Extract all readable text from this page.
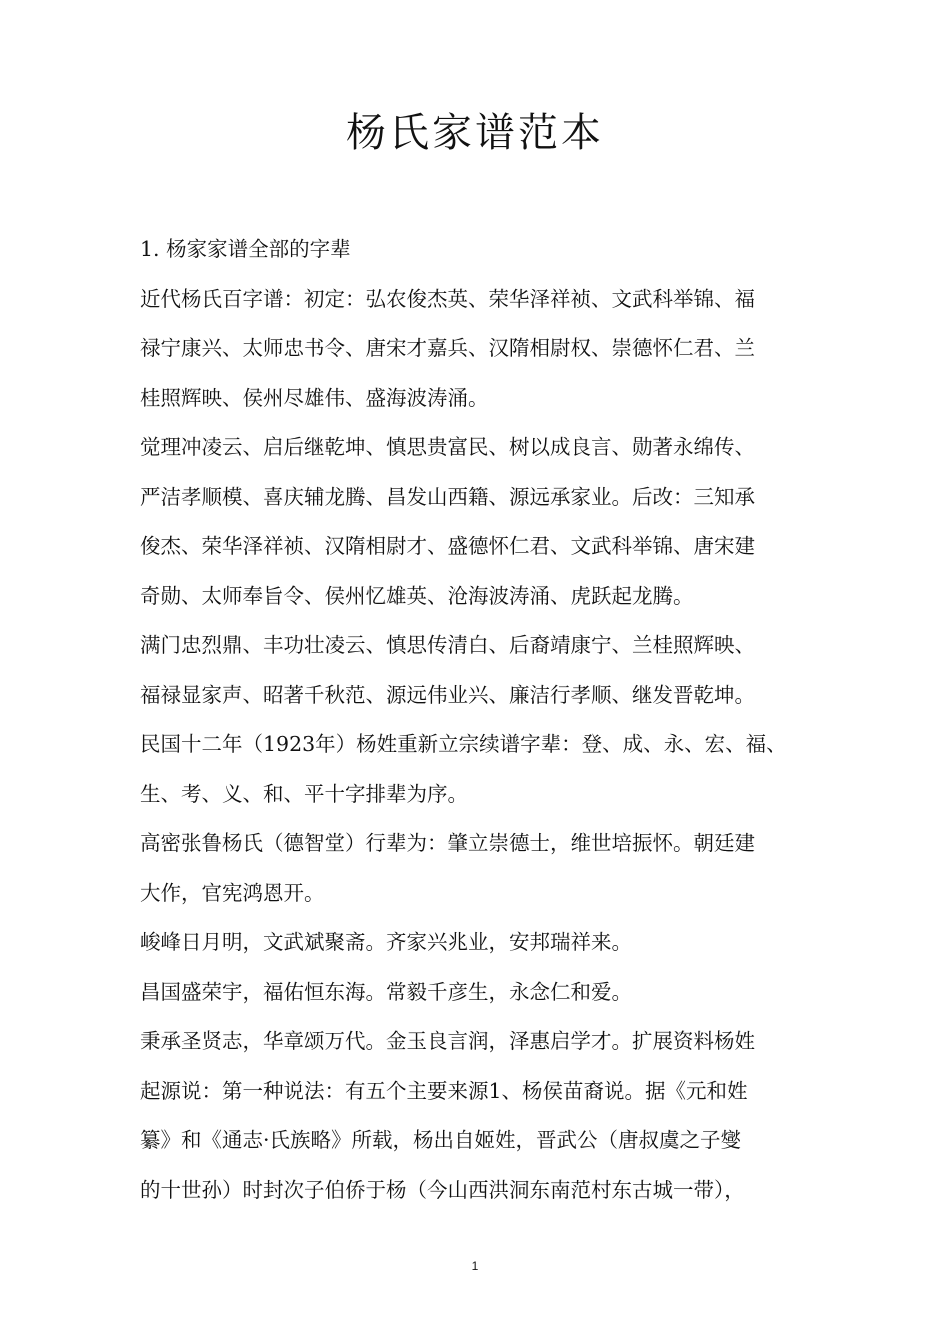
杨氏家谱范本
1. 杨家家谱全部的字辈
近代杨氏百字谱：初定：弘农俊杰英、荣华泽祥祯、文武科举锦、福
禄宁康兴、太师忠书令、唐宋才嘉兵、汉隋相尉权、崇德怀仁君、兰
桂照辉映、侯州尽雄伟、盛海波涛涌。
觉理冲凌云、启后继乾坤、慎思贵富民、树以成良言、勋著永绵传、
严洁孝顺模、喜庆辅龙腾、昌发山西籍、源远承家业。后改：三知承
俊杰、荣华泽祥祯、汉隋相尉才、盛德怀仁君、文武科举锦、唐宋建
奇勋、太师奉旨令、侯州忆雄英、沧海波涛涌、虎跃起龙腾。
满门忠烈鼎、丰功壮凌云、慎思传清白、后裔靖康宁、兰桂照辉映、
福禄显家声、昭著千秋范、源远伟业兴、廉洁行孝顺、继发晋乾坤。
民国十二年（1923年）杨姓重新立宗续谱字辈：登、成、永、宏、福、
生、考、义、和、平十字排辈为序。
高密张鲁杨氏（德智堂）行辈为：肇立崇德士，维世培振怀。朝廷建
大作，官宪鸿恩开。
峻峰日月明，文武斌聚斋。齐家兴兆业，安邦瑞祥来。
昌国盛荣宇，福佑恒东海。常毅千彦生，永念仁和爱。
秉承圣贤志，华章颂万代。金玉良言润，泽惠启学才。扩展资料杨姓
起源说：第一种说法：有五个主要来源1、杨侯苗裔说。据《元和姓
纂》和《通志·氏族略》所载，杨出自姬姓，晋武公（唐叔虞之子燮
的十世孙）时封次子伯侨于杨（今山西洪洞东南范村东古城一带），
1
